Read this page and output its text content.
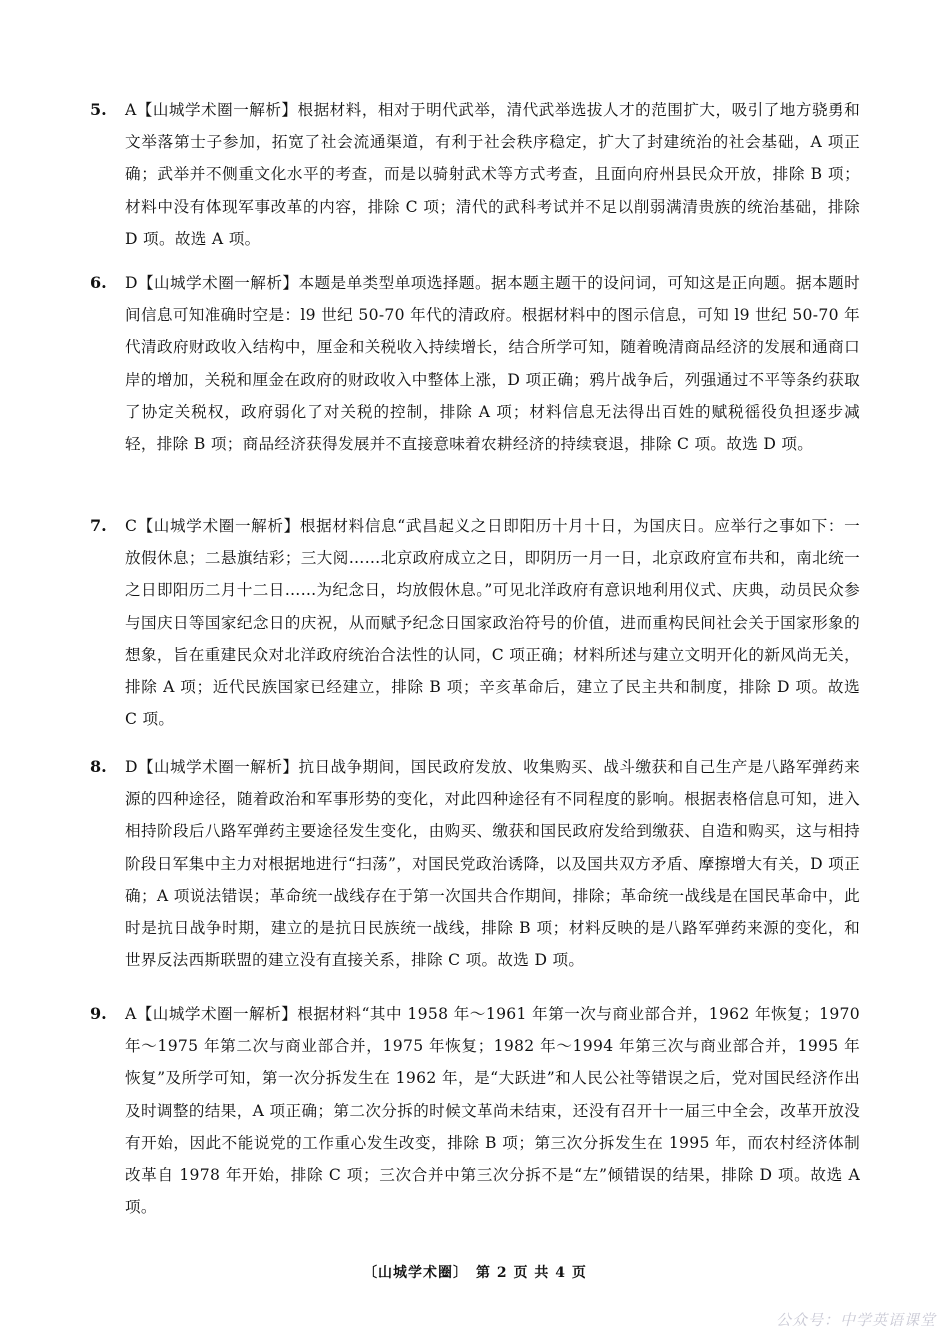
5.	A【山城学术圈一解析】根据材料，相对于明代武举，清代武举选拔人才的范围扩大，吸引了地方骁勇和文举落第士子参加，拓宽了社会流通渠道，有利于社会秩序稳定，扩大了封建统治的社会基础，A 项正确；武举并不侧重文化水平的考查，而是以骑射武术等方式考查，且面向府州县民众开放，排除 B 项；材料中没有体现军事改革的内容，排除 C 项；清代的武科考试并不足以削弱满清贵族的统治基础，排除 D 项。故选 A 项。
6.	D【山城学术圈一解析】本题是单类型单项选择题。据本题主题干的设问词，可知这是正向题。据本题时间信息可知准确时空是：l9 世纪 50-70 年代的清政府。根据材料中的图示信息，可知 l9 世纪 50-70 年代清政府财政收入结构中，厘金和关税收入持续增长，结合所学可知，随着晚清商品经济的发展和通商口岸的增加，关税和厘金在政府的财政收入中整体上涨，D 项正确；鸦片战争后，列强通过不平等条约获取了协定关税权，政府弱化了对关税的控制，排除 A 项；材料信息无法得出百姓的赋税徭役负担逐步减轻，排除 B 项；商品经济获得发展并不直接意味着农耕经济的持续衰退，排除 C 项。故选 D 项。
7.	C【山城学术圈一解析】根据材料信息“武昌起义之日即阳历十月十日，为国庆日。应举行之事如下：一放假休息；二悬旗结彩；三大阅……北京政府成立之日，即阴历一月一日，北京政府宣布共和，南北统一之日即阳历二月十二日……为纪念日，均放假休息。”可见北洋政府有意识地利用仪式、庆典，动员民众参与国庆日等国家纪念日的庆祝，从而赋予纪念日国家政治符号的价值，进而重构民间社会关于国家形象的想象，旨在重建民众对北洋政府统治合法性的认同，C 项正确；材料所述与建立文明开化的新风尚无关，排除 A 项；近代民族国家已经建立，排除 B 项；辛亥革命后，建立了民主共和制度，排除 D 项。故选 C 项。
8.	D【山城学术圈一解析】抗日战争期间，国民政府发放、收集购买、战斗缴获和自己生产是八路军弹药来源的四种途径，随着政治和军事形势的变化，对此四种途径有不同程度的影响。根据表格信息可知，进入相持阶段后八路军弹药主要途径发生变化，由购买、缴获和国民政府发给到缴获、自造和购买，这与相持阶段日军集中主力对根据地进行“扫荡”，对国民党政治诱降，以及国共双方矛盾、摩擦增大有关，D 项正确；A 项说法错误；革命统一战线存在于第一次国共合作期间，排除；革命统一战线是在国民革命中，此时是抗日战争时期，建立的是抗日民族统一战线，排除 B 项；材料反映的是八路军弹药来源的变化，和世界反法西斯联盟的建立没有直接关系，排除 C 项。故选 D 项。
9.	A【山城学术圈一解析】根据材料“其中 1958 年～1961 年第一次与商业部合并，1962 年恢复；1970 年～1975 年第二次与商业部合并，1975 年恢复；1982 年～1994 年第三次与商业部合并，1995 年恢复”及所学可知，第一次分拆发生在 1962 年，是“大跃进”和人民公社等错误之后，党对国民经济作出及时调整的结果，A 项正确；第二次分拆的时候文革尚未结束，还没有召开十一届三中全会，改革开放没有开始，因此不能说党的工作重心发生改变，排除 B 项；第三次分拆发生在 1995 年，而农村经济体制改革自 1978 年开始，排除 C 项；三次合并中第三次分拆不是“左”倾错误的结果，排除 D 项。故选 A 项。
〔山城学术圈〕　第 2 页 共 4 页
公众号：中学英语课堂
